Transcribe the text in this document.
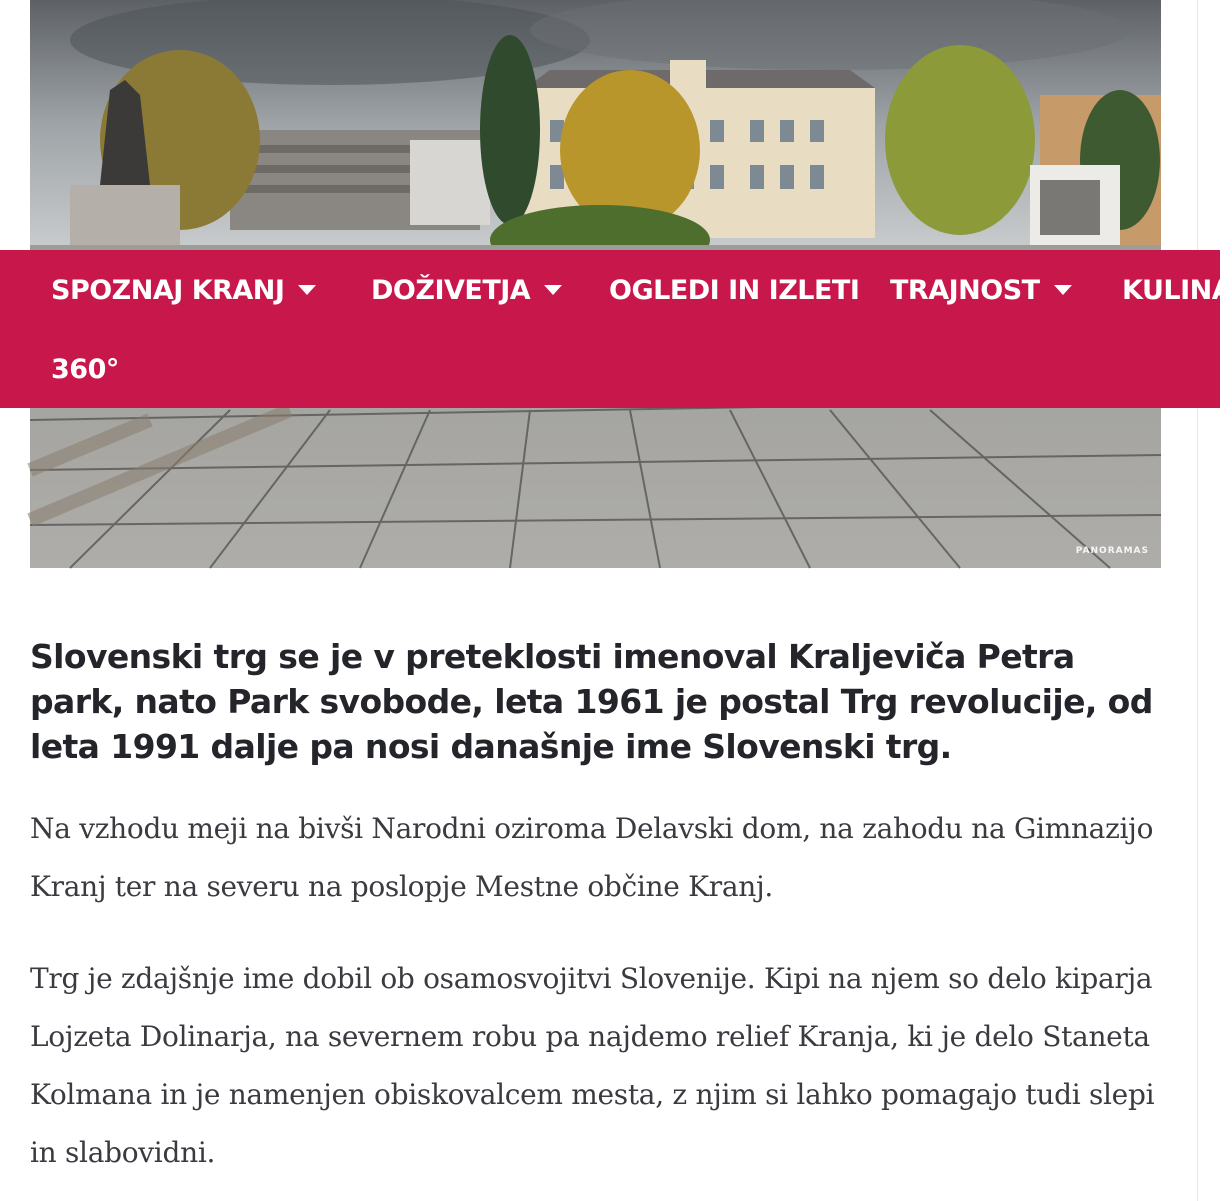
PANORAMAS
SPOZNAJ KRANJ	DOŽIVETJA	OGLEDI IN IZLETI TRAJNOST	KULINA
360°
Slovenski trg se je v preteklosti imenoval Kraljeviča Petra park, nato Park svobode, leta 1961 je postal Trg revolucije, od leta 1991 dalje pa nosi današnje ime Slovenski trg.

Na vzhodu meji na bivši Narodni oziroma Delavski dom, na zahodu na Gimnazijo Kranj ter na severu na poslopje Mestne občine Kranj.

Trg je zdajšnje ime dobil ob osamosvojitvi Slovenije. Kipi na njem so delo kiparja Lojzeta Dolinarja, na severnem robu pa najdemo relief Kranja, ki je delo Staneta Kolmana in je namenjen obiskovalcem mesta, z njim si lahko pomagajo tudi slepi in slabovidni.
